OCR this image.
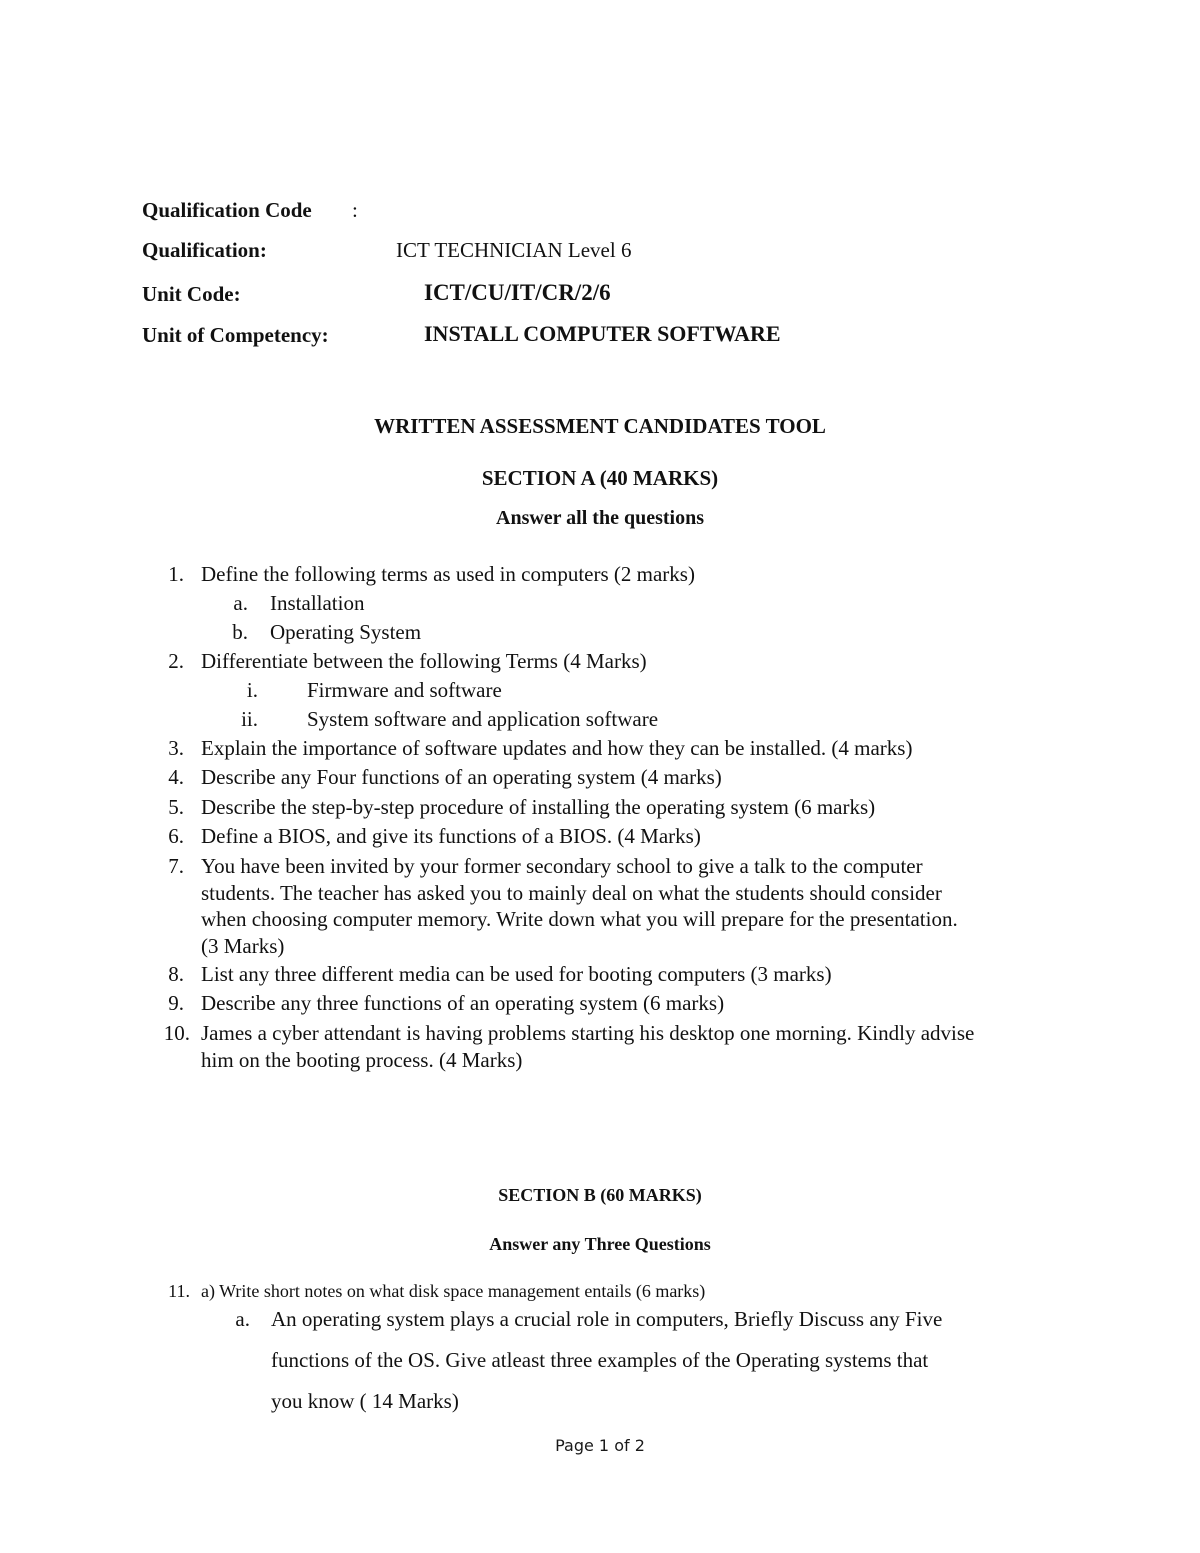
Qualification Code :
Qualification:	ICT TECHNICIAN Level 6
Unit Code:	ICT/CU/IT/CR/2/6
Unit of Competency:	INSTALL COMPUTER SOFTWARE
WRITTEN ASSESSMENT CANDIDATES TOOL
SECTION A (40 MARKS)
Answer all the questions
1. Define the following terms as used in computers (2 marks)
a. Installation
b. Operating System
2. Differentiate between the following Terms (4 Marks)
i. Firmware and software
ii. System software and application software
3. Explain the importance of software updates and how they can be installed. (4 marks)
4. Describe any Four functions of an operating system (4 marks)
5. Describe the step-by-step procedure of installing the operating system (6 marks)
6. Define a BIOS, and give its functions of a BIOS. (4 Marks)
7. You have been invited by your former secondary school to give a talk to the computer
students. The teacher has asked you to mainly deal on what the students should consider
when choosing computer memory. Write down what you will prepare for the presentation.
(3 Marks)
8. List any three different media can be used for booting computers (3 marks)
9. Describe any three functions of an operating system (6 marks)
10. James a cyber attendant is having problems starting his desktop one morning. Kindly advise
him on the booting process. (4 Marks)
SECTION B (60 MARKS)
Answer any Three Questions
11. a) Write short notes on what disk space management entails (6 marks)
a. An operating system plays a crucial role in computers, Briefly Discuss any Five
functions of the OS. Give atleast three examples of the Operating systems that
you know ( 14 Marks)
Page 1 of 2
